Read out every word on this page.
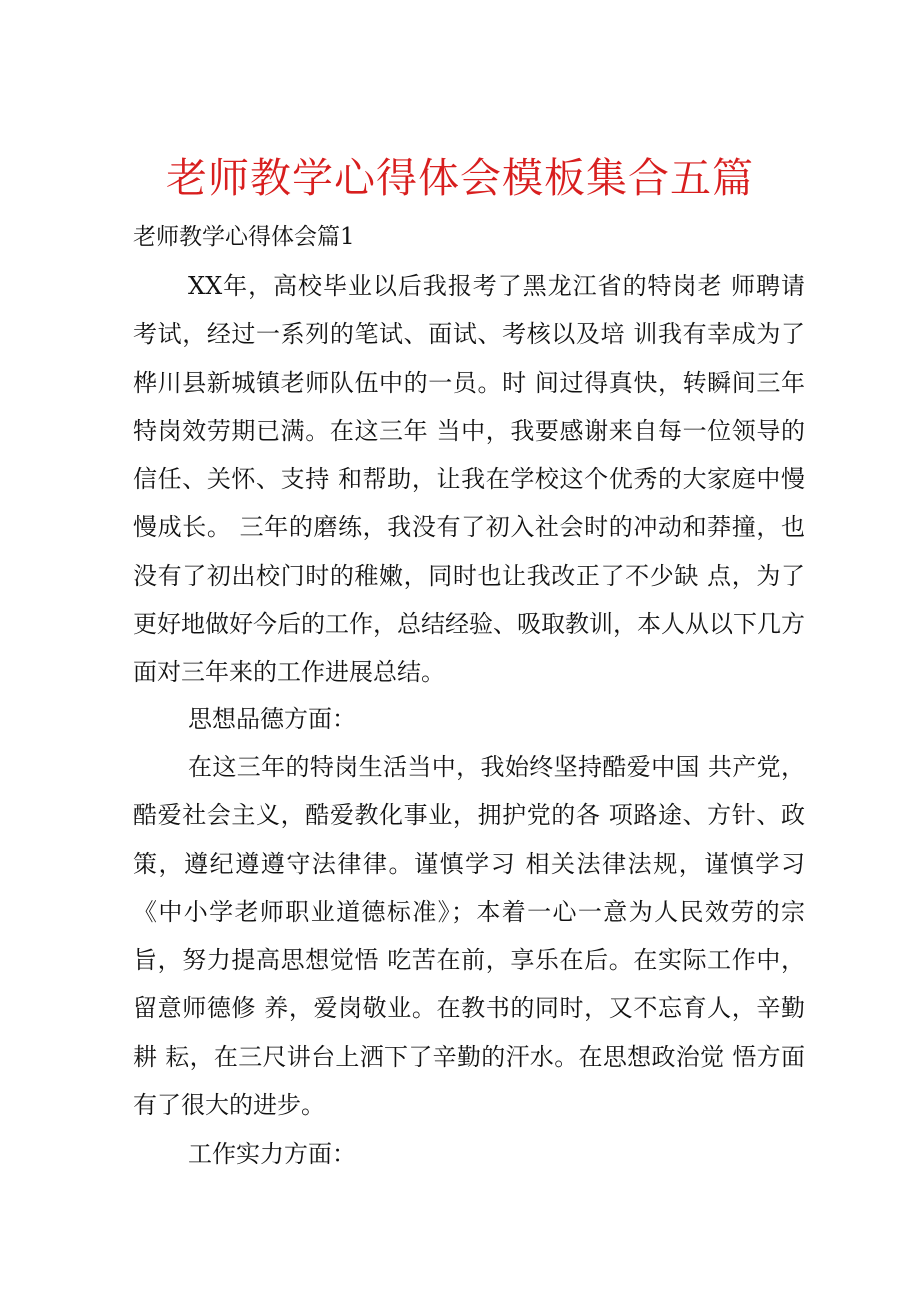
老师教学心得体会模板集合五篇
老师教学心得体会篇1

XX年，高校毕业以后我报考了黑龙江省的特岗老 师聘请考试，经过一系列的笔试、面试、考核以及培 训我有幸成为了桦川县新城镇老师队伍中的一员。时 间过得真快，转瞬间三年特岗效劳期已满。在这三年 当中，我要感谢来自每一位领导的信任、关怀、支持 和帮助，让我在学校这个优秀的大家庭中慢慢成长。 三年的磨练，我没有了初入社会时的冲动和莽撞，也 没有了初出校门时的稚嫩，同时也让我改正了不少缺 点，为了更好地做好今后的工作，总结经验、吸取教训，本人从以下几方面对三年来的工作进展总结。

思想品德方面：

在这三年的特岗生活当中，我始终坚持酷爱中国 共产党，酷爱社会主义，酷爱教化事业，拥护党的各 项路途、方针、政策，遵纪遵遵守法律律。谨慎学习 相关法律法规，谨慎学习《中小学老师职业道德标准》；本着一心一意为人民效劳的宗旨，努力提高思想觉悟 吃苦在前，享乐在后。在实际工作中，留意师德修 养，爱岗敬业。在教书的同时，又不忘育人，辛勤耕 耘，在三尺讲台上洒下了辛勤的汗水。在思想政治觉 悟方面有了很大的进步。

工作实力方面：
